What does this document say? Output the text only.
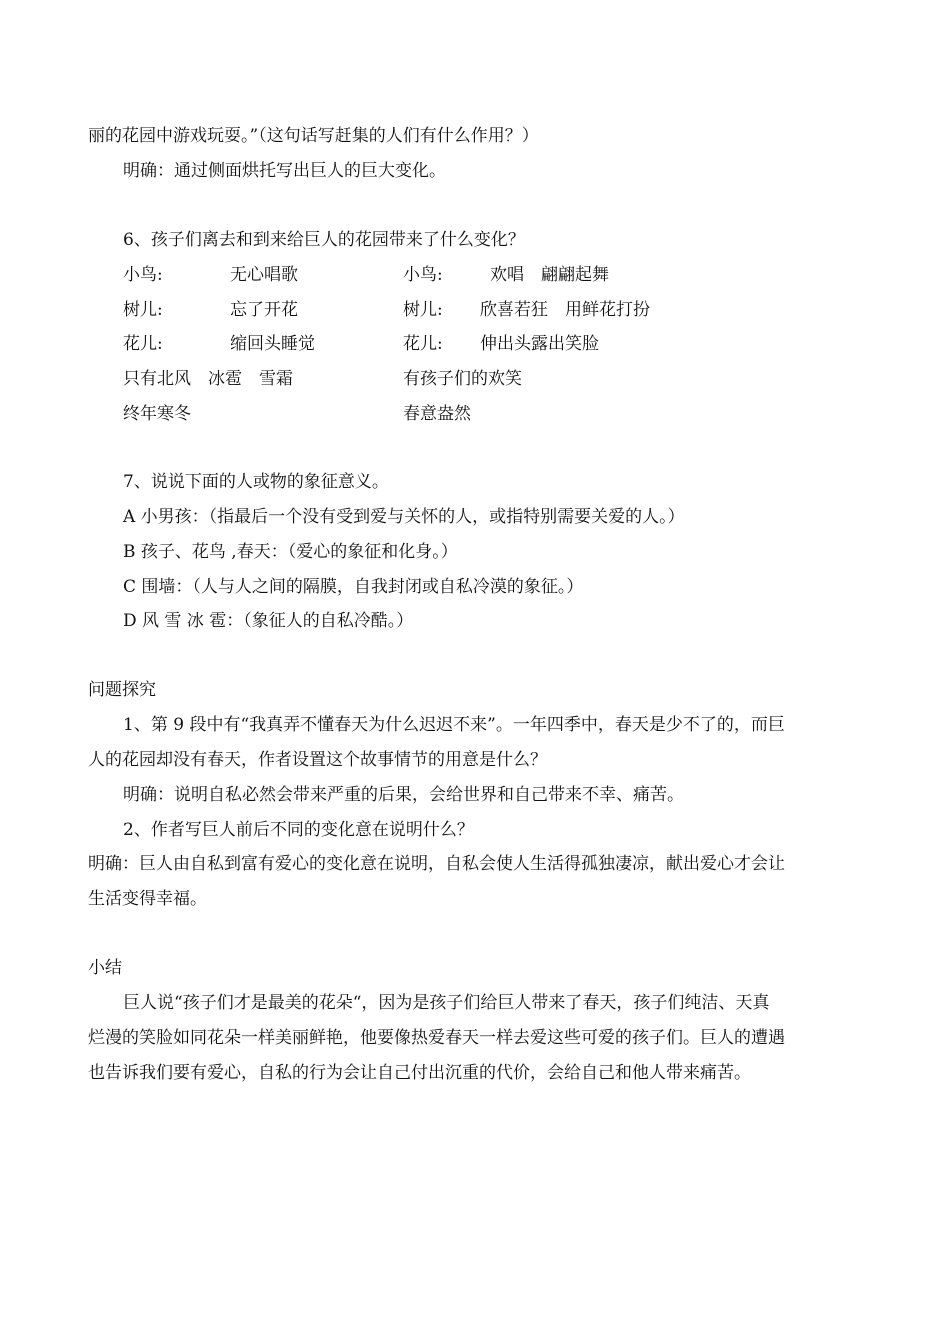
丽的花园中游戏玩耍。”（这句话写赶集的人们有什么作用？）
明确：通过侧面烘托写出巨人的巨大变化。
6、孩子们离去和到来给巨人的花园带来了什么变化？
小鸟:	无心唱歌	小鸟:	欢唱　翩翩起舞
树儿:	忘了开花	树儿: 欣喜若狂　用鲜花打扮
花儿:	缩回头睡觉	花儿: 伸出头露出笑脸
只有北风　冰雹　雪霜	有孩子们的欢笑
终年寒冬	春意盎然
7、说说下面的人或物的象征意义。
A 小男孩：（指最后一个没有受到爱与关怀的人，或指特别需要关爱的人。）
B 孩子、花鸟 ,春天：（爱心的象征和化身。）
C 围墙：（人与人之间的隔膜，自我封闭或自私冷漠的象征。）
D 风 雪 冰 雹：（象征人的自私冷酷。）
问题探究
1、第 9 段中有“我真弄不懂春天为什么迟迟不来”。一年四季中，春天是少不了的，而巨
人的花园却没有春天，作者设置这个故事情节的用意是什么？
明确：说明自私必然会带来严重的后果，会给世界和自己带来不幸、痛苦。
2、作者写巨人前后不同的变化意在说明什么？
明确：巨人由自私到富有爱心的变化意在说明，自私会使人生活得孤独凄凉，献出爱心才会让
生活变得幸福。
小结
巨人说“孩子们才是最美的花朵“，因为是孩子们给巨人带来了春天，孩子们纯洁、天真
烂漫的笑脸如同花朵一样美丽鲜艳，他要像热爱春天一样去爱这些可爱的孩子们。巨人的遭遇
也告诉我们要有爱心，自私的行为会让自己付出沉重的代价，会给自己和他人带来痛苦。
